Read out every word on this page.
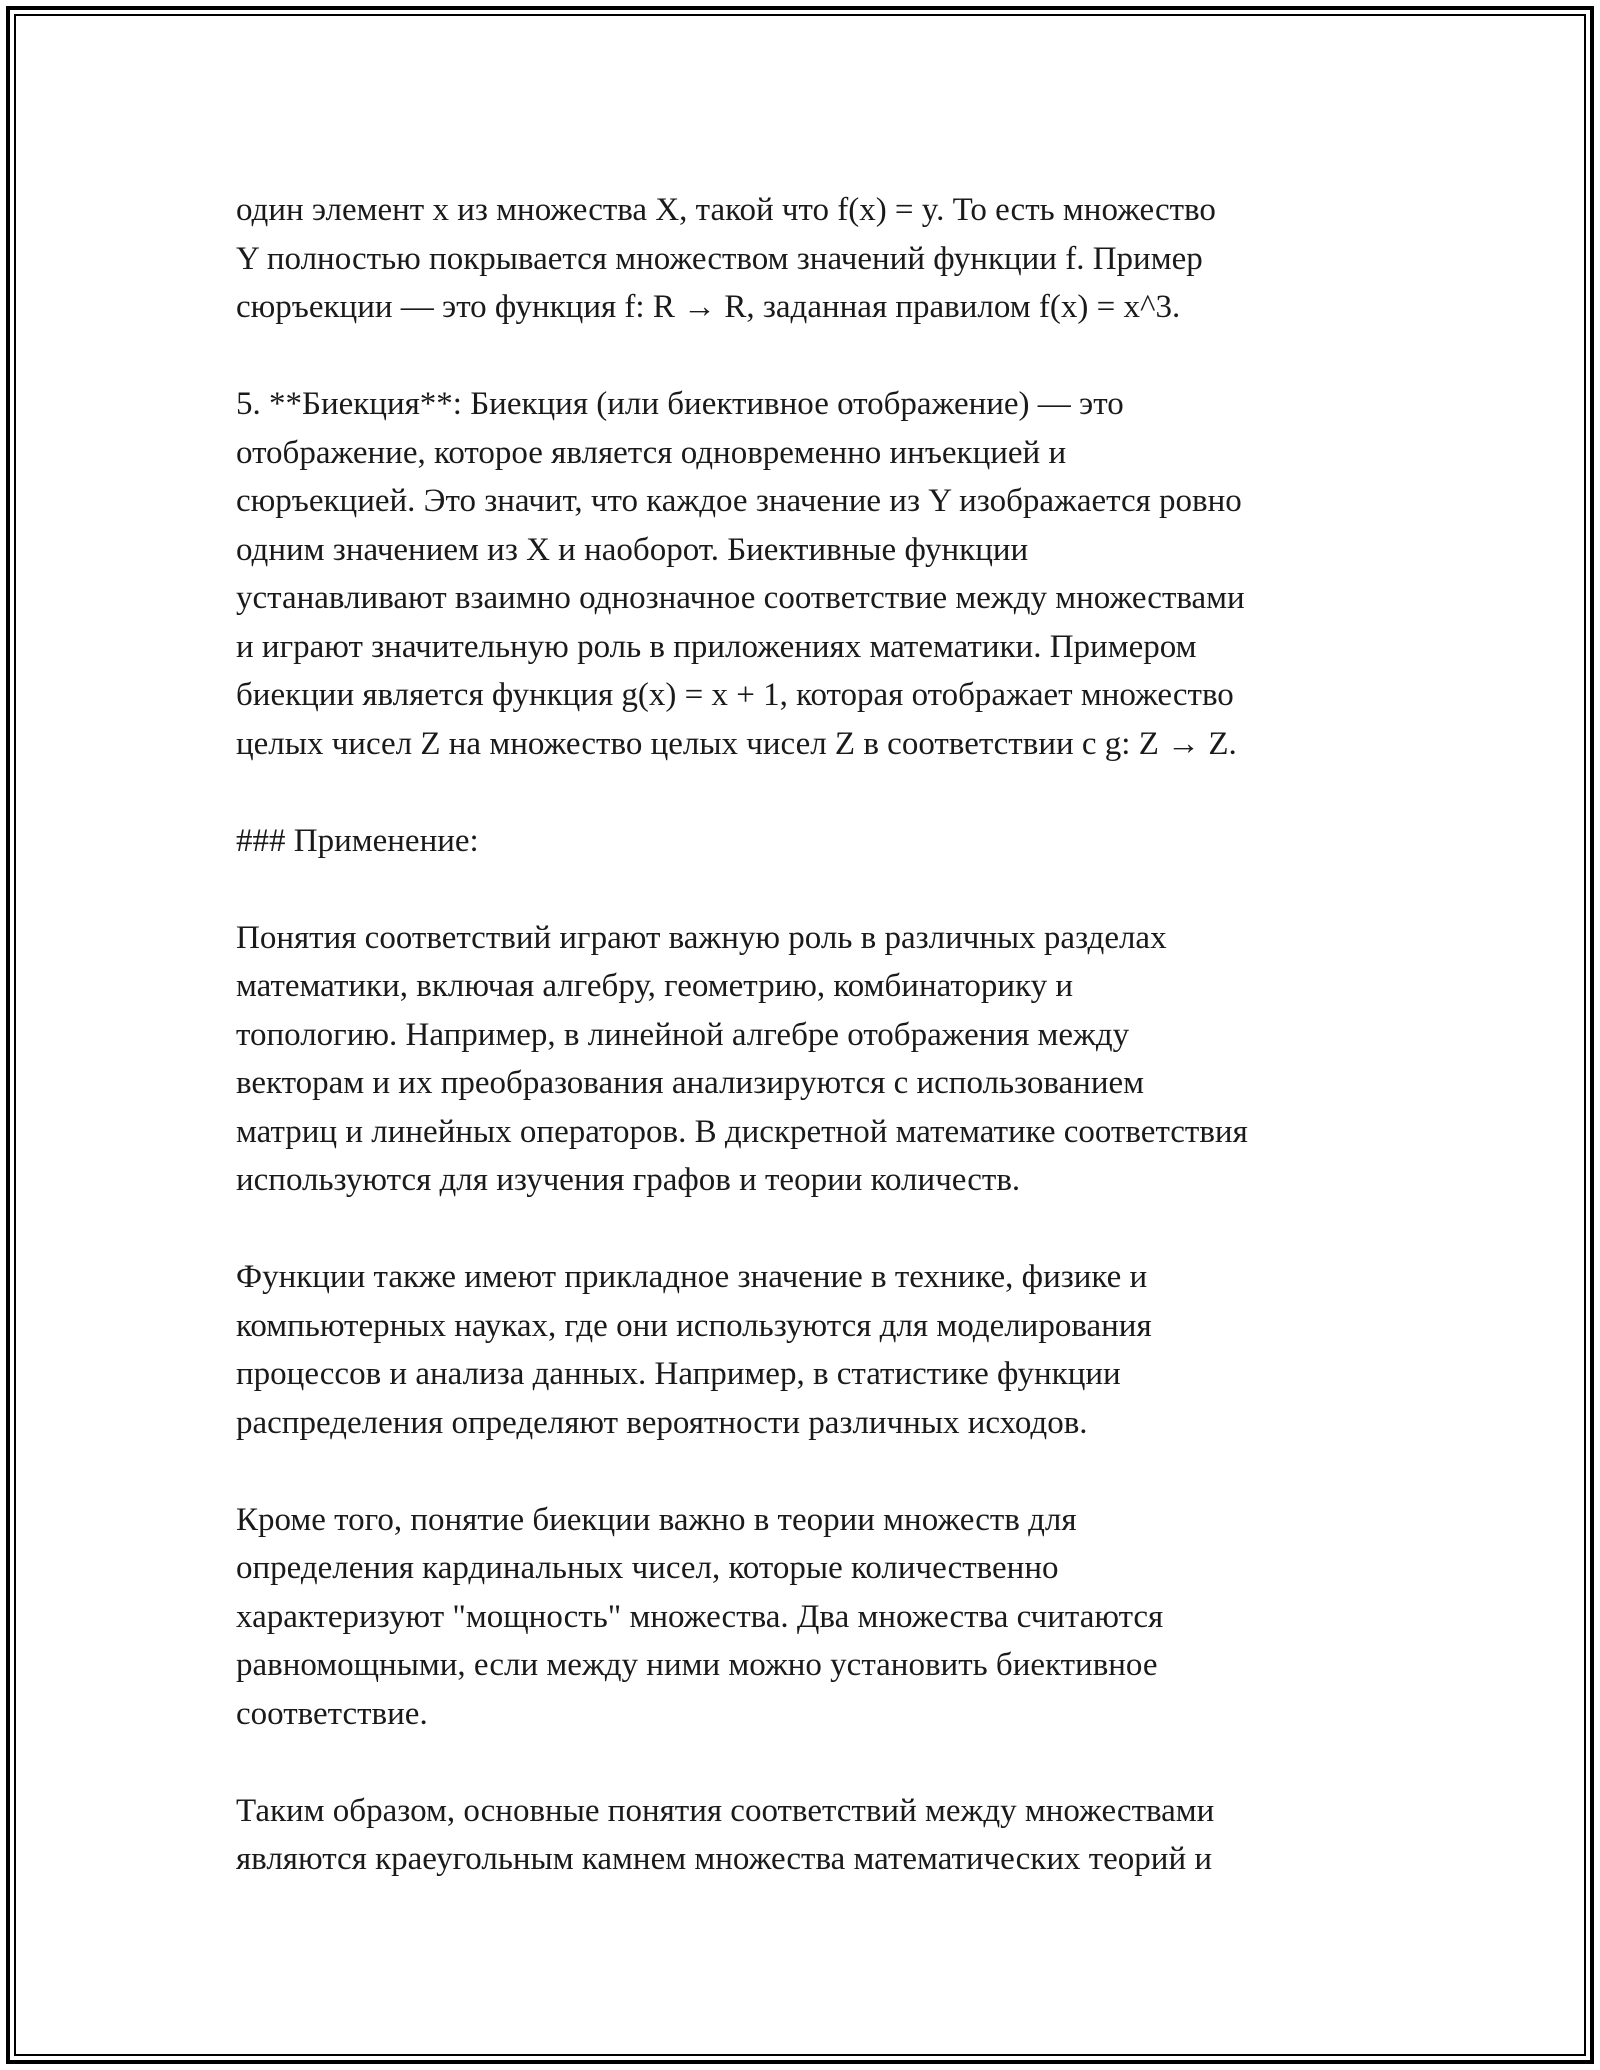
один элемент x из множества X, такой что f(x) = y. То есть множество
Y полностью покрывается множеством значений функции f. Пример
сюръекции — это функция f: R → R, заданная правилом f(x) = x^3.
5. **Биекция**: Биекция (или биективное отображение) — это
отображение, которое является одновременно инъекцией и
сюръекцией. Это значит, что каждое значение из Y изображается ровно
одним значением из X и наоборот. Биективные функции
устанавливают взаимно однозначное соответствие между множествами
и играют значительную роль в приложениях математики. Примером
биекции является функция g(x) = x + 1, которая отображает множество
целых чисел Z на множество целых чисел Z в соответствии с g: Z → Z.
### Применение:
Понятия соответствий играют важную роль в различных разделах
математики, включая алгебру, геометрию, комбинаторику и
топологию. Например, в линейной алгебре отображения между
векторам и их преобразования анализируются с использованием
матриц и линейных операторов. В дискретной математике соответствия
используются для изучения графов и теории количеств.
Функции также имеют прикладное значение в технике, физике и
компьютерных науках, где они используются для моделирования
процессов и анализа данных. Например, в статистике функции
распределения определяют вероятности различных исходов.
Кроме того, понятие биекции важно в теории множеств для
определения кардинальных чисел, которые количественно
характеризуют "мощность" множества. Два множества считаются
равномощными, если между ними можно установить биективное
соответствие.
Таким образом, основные понятия соответствий между множествами
являются краеугольным камнем множества математических теорий и
